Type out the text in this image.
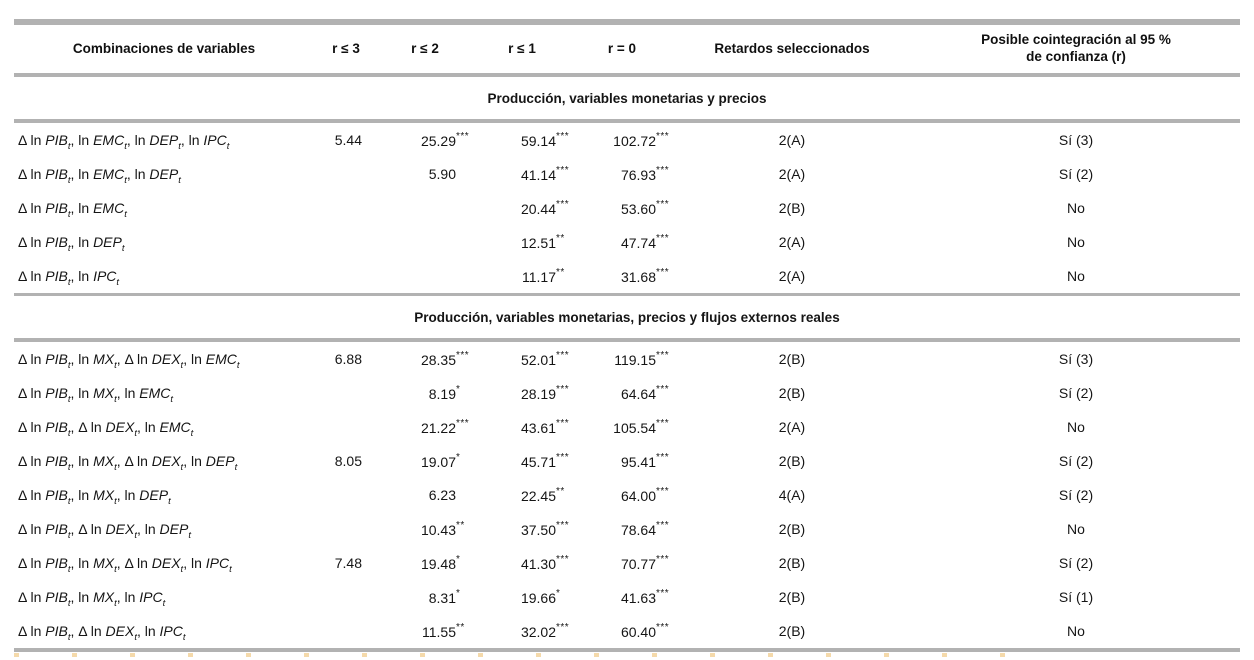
Combinaciones de variables	r ≤ 3	r ≤ 2	r ≤ 1	r = 0	Retardos seleccionados	Posible cointegración al 95 %
de confianza (r)
Producción, variables monetarias y precios						
Δ $\ln PIB_t$, $\ln EMC_t$, $\ln DEP_t$, $\ln IPC_t$	5.44	25.29***	59.14***	102.72***	2(A)	Sí (3)
Δ $\ln PIB_t$, $\ln EMC_t$, $\ln DEP_t$		5.90	41.14***	76.93***	2(A)	Sí (2)
Δ $\ln PIB_t$, $\ln EMC_t$			20.44***	53.60***	2(B)	No
Δ $\ln PIB_t$, $\ln DEP_t$			12.51**	47.74***	2(A)	No
Δ $\ln PIB_t$, $\ln IPC_t$			11.17**	31.68***	2(A)	No
Producción, variables monetarias, precios y flujos externos reales						
Δ $\ln PIB_t$, $\ln MX_t$, Δ $\ln DEX_t$, $\ln EMC_t$	6.88	28.35***	52.01***	119.15***	2(B)	Sí (3)
Δ $\ln PIB_t$, $\ln MX_t$, $\ln EMC_t$		8.19*	28.19***	64.64***	2(B)	Sí (2)
Δ $\ln PIB_t$, Δ $\ln DEX_t$, $\ln EMC_t$		21.22***	43.61***	105.54***	2(A)	No
Δ $\ln PIB_t$, $\ln MX_t$, Δ $\ln DEX_t$, $\ln DEP_t$	8.05	19.07*	45.71***	95.41***	2(B)	Sí (2)
Δ $\ln PIB_t$, $\ln MX_t$, $\ln DEP_t$		6.23	22.45**	64.00***	4(A)	Sí (2)
Δ $\ln PIB_t$, Δ $\ln DEX_t$, $\ln DEP_t$		10.43**	37.50***	78.64***	2(B)	No
Δ $\ln PIB_t$, $\ln MX_t$, Δ $\ln DEX_t$, $\ln IPC_t$	7.48	19.48*	41.30***	70.77***	2(B)	Sí (2)
Δ $\ln PIB_t$, $\ln MX_t$, $\ln IPC_t$		8.31*	19.66*	41.63***	2(B)	Sí (1)
Δ $\ln PIB_t$, Δ $\ln DEX_t$, $\ln IPC_t$		11.55**	32.02***	60.40***	2(B)	No
